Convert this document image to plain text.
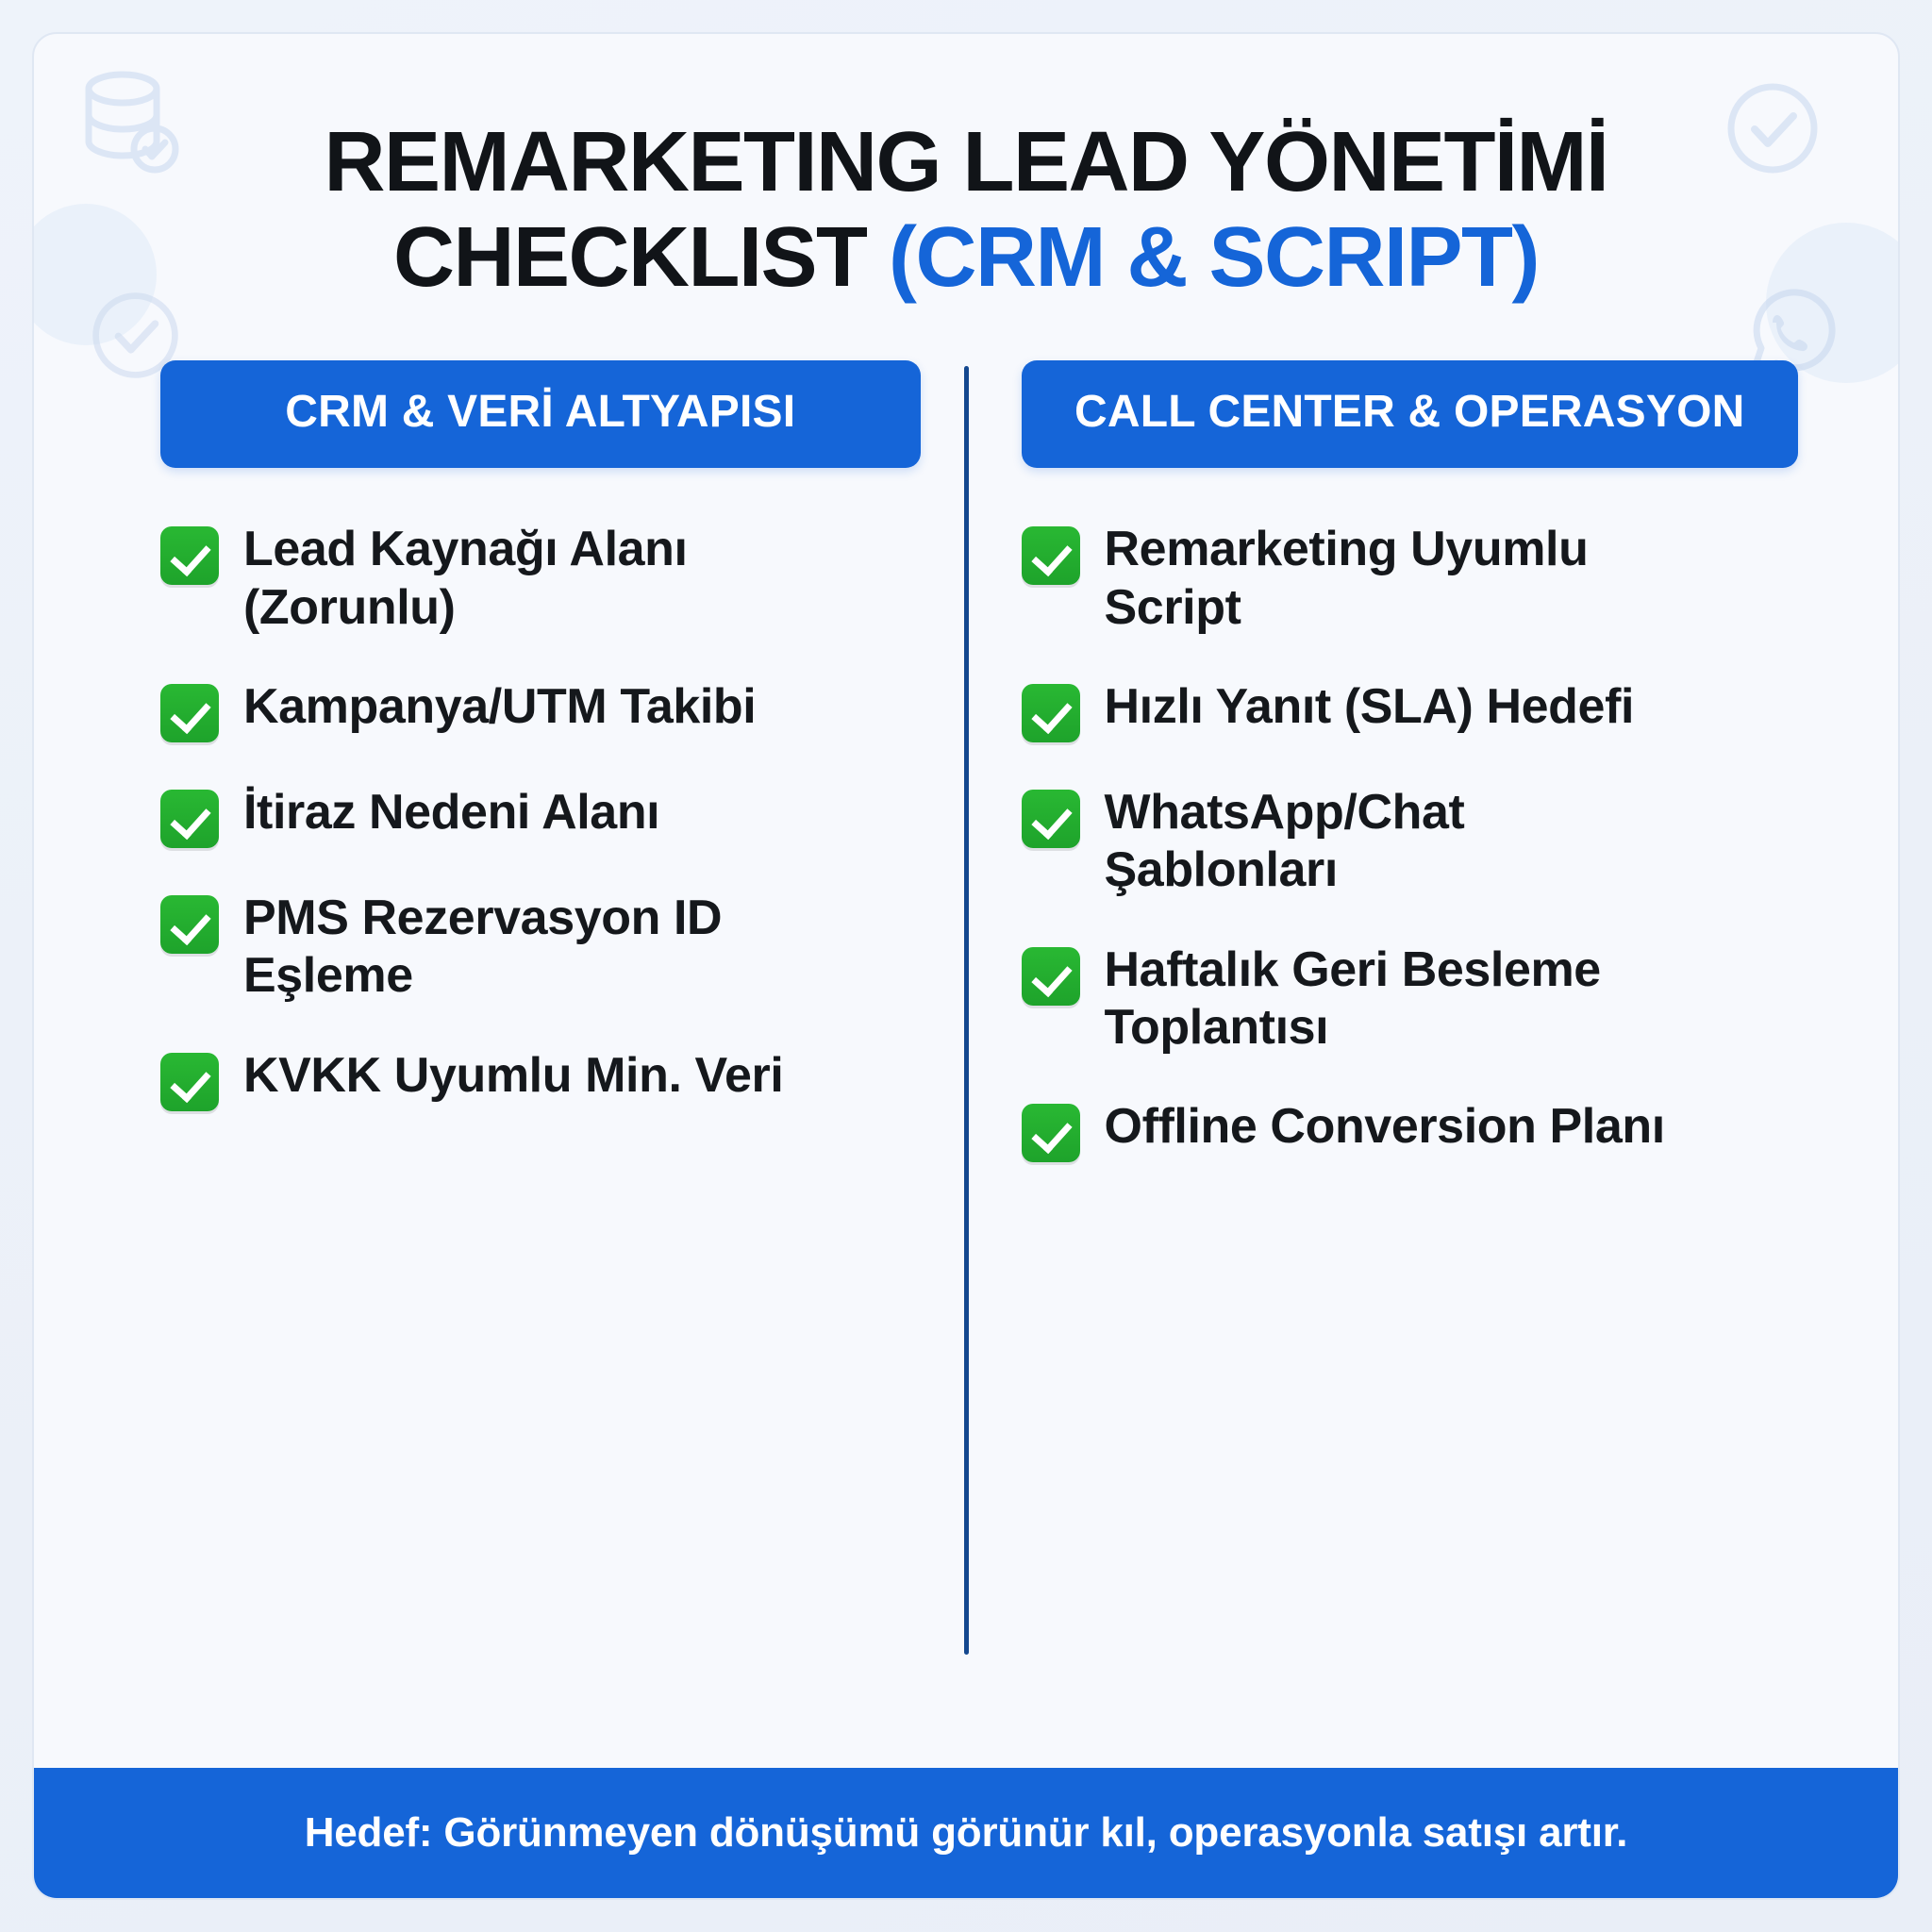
REMARKETING LEAD YÖNETİMİ
CHECKLIST (CRM & SCRIPT)
CRM & VERİ ALTYAPISI
Lead Kaynağı Alanı (Zorunlu)
Kampanya/UTM Takibi
İtiraz Nedeni Alanı
PMS Rezervasyon ID Eşleme
KVKK Uyumlu Min. Veri
CALL CENTER & OPERASYON
Remarketing Uyumlu Script
Hızlı Yanıt (SLA) Hedefi
WhatsApp/Chat Şablonları
Haftalık Geri Besleme Toplantısı
Offline Conversion Planı
Hedef: Görünmeyen dönüşümü görünür kıl, operasyonla satışı artır.
